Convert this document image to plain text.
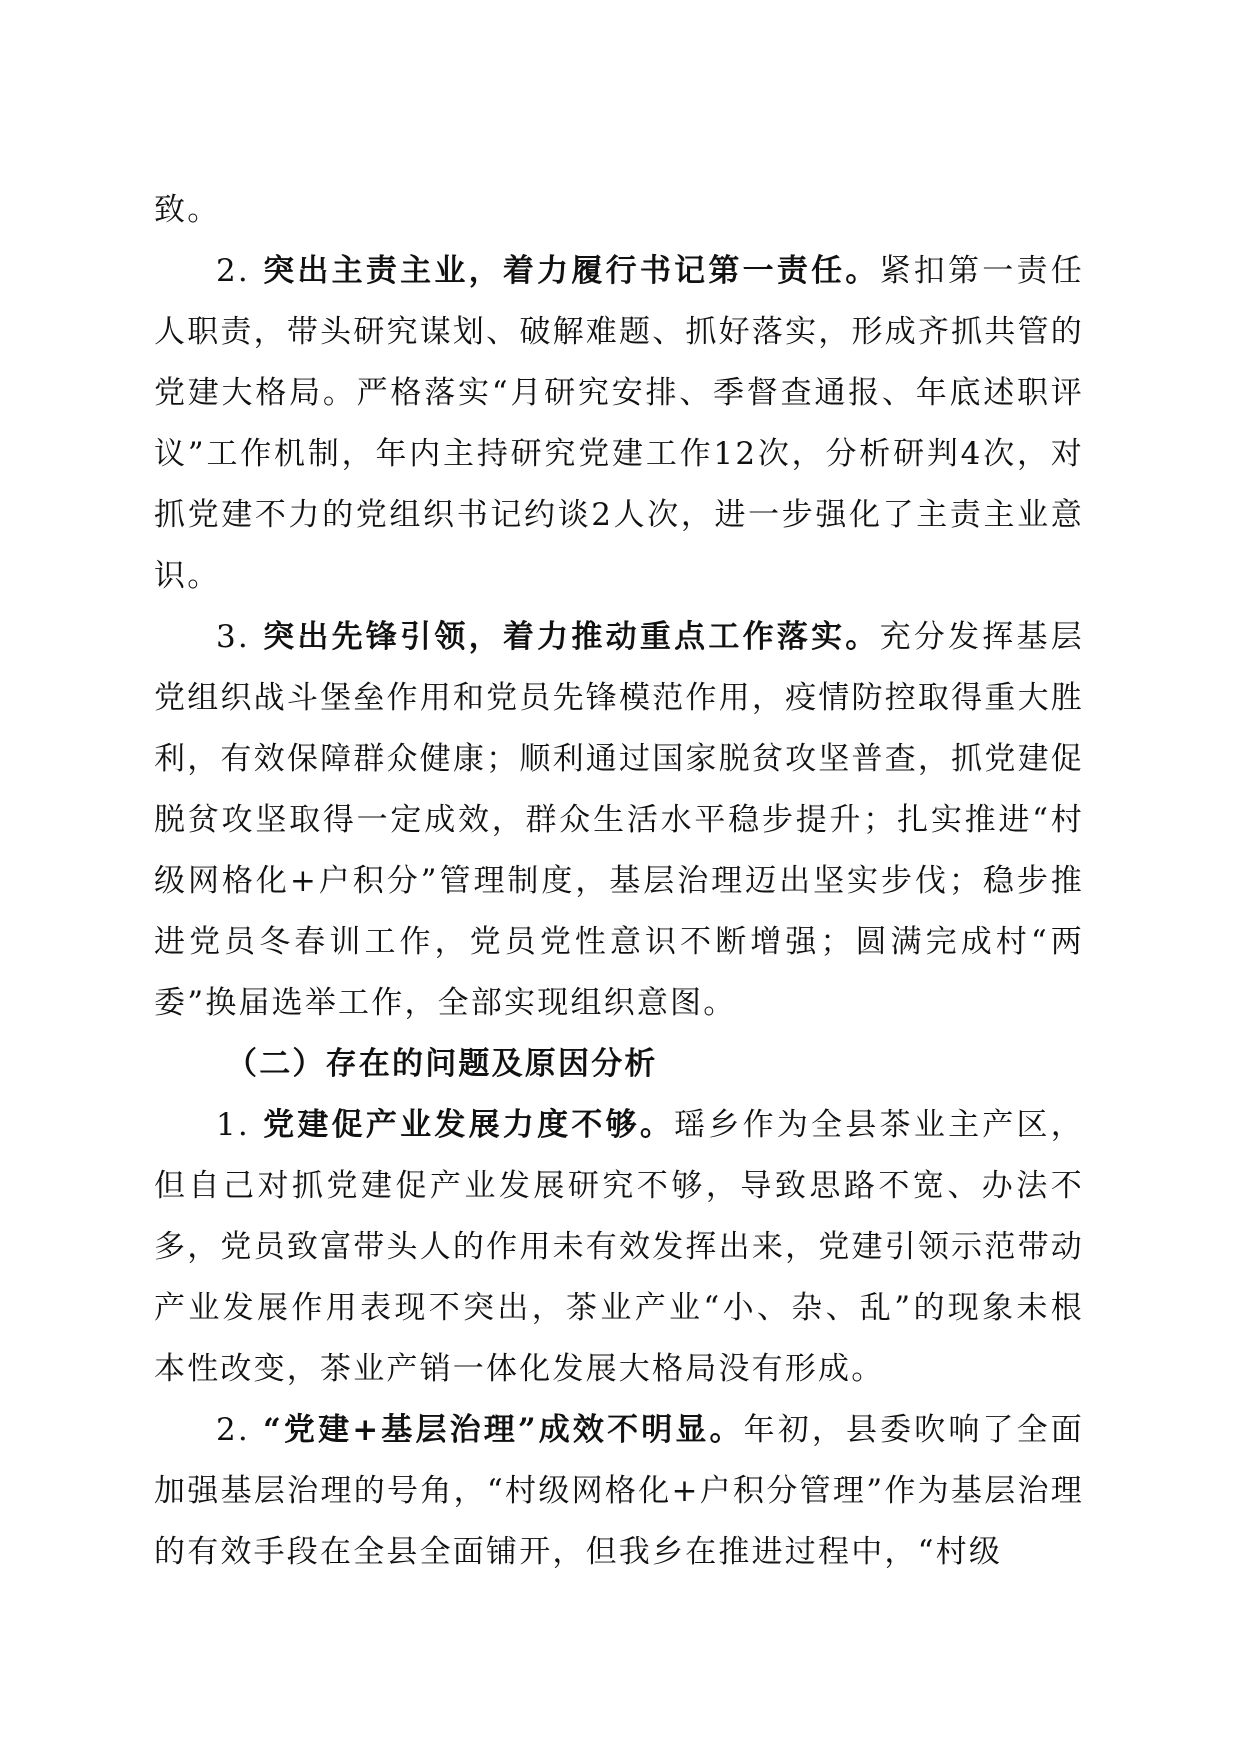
致。

2. 突出主责主业，着力履行书记第一责任。紧扣第一责任人职责，带头研究谋划、破解难题、抓好落实，形成齐抓共管的党建大格局。严格落实“月研究安排、季督查通报、年底述职评议”工作机制，年内主持研究党建工作12次，分析研判4次，对抓党建不力的党组织书记约谈2人次，进一步强化了主责主业意识。

3. 突出先锋引领，着力推动重点工作落实。充分发挥基层党组织战斗堡垒作用和党员先锋模范作用，疫情防控取得重大胜利，有效保障群众健康；顺利通过国家脱贫攻坚普查，抓党建促脱贫攻坚取得一定成效，群众生活水平稳步提升；扎实推进“村级网格化+户积分”管理制度，基层治理迈出坚实步伐；稳步推进党员冬春训工作，党员党性意识不断增强；圆满完成村“两委”换届选举工作，全部实现组织意图。

（二）存在的问题及原因分析

1. 党建促产业发展力度不够。瑶乡作为全县茶业主产区，但自己对抓党建促产业发展研究不够，导致思路不宽、办法不多，党员致富带头人的作用未有效发挥出来，党建引领示范带动产业发展作用表现不突出，茶业产业“小、杂、乱”的现象未根本性改变，茶业产销一体化发展大格局没有形成。

2. “党建+基层治理”成效不明显。年初，县委吹响了全面加强基层治理的号角，“村级网格化+户积分管理”作为基层治理的有效手段在全县全面铺开，但我乡在推进过程中，“村级
